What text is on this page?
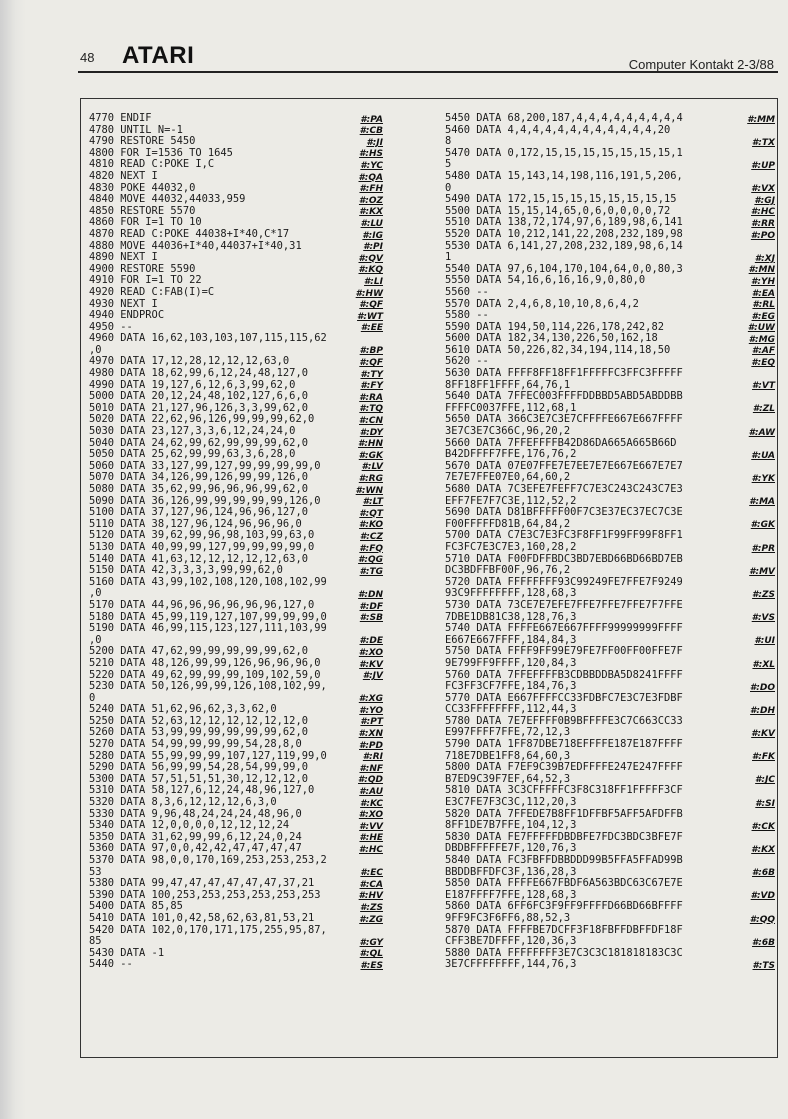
48 ATARI	Computer Kontakt 2-3/88
4770 ENDIF	#:PA
4780 UNTIL N=-1	#:CB
4790 RESTORE 5450	#:JI
4800 FOR I=1536 TO 1645	#:HS
4810 READ C:POKE I,C	#:YC
4820 NEXT I	#:QA
4830 POKE 44032,0	#:FH
4840 MOVE 44032,44033,959	#:OZ
4850 RESTORE 5570	#:KX
4860 FOR I=1 TO 10	#:LU
4870 READ C:POKE 44038+I*40,C*17	#:IG
4880 MOVE 44036+I*40,44037+I*40,31	#:PI
4890 NEXT I	#:QV
4900 RESTORE 5590	#:KQ
4910 FOR I=1 TO 22	#:LI
4920 READ C:FAB(I)=C	#:HW
4930 NEXT I	#:QF
4940 ENDPROC	#:WT
4950 --	#:EE
4960 DATA 16,62,103,103,107,115,115,62
,0	#:BP
4970 DATA 17,12,28,12,12,12,63,0	#:QF
4980 DATA 18,62,99,6,12,24,48,127,0	#:TY
4990 DATA 19,127,6,12,6,3,99,62,0	#:FY
5000 DATA 20,12,24,48,102,127,6,6,0	#:RA
5010 DATA 21,127,96,126,3,3,99,62,0	#:TQ
5020 DATA 22,62,96,126,99,99,99,62,0	#:CN
5030 DATA 23,127,3,3,6,12,24,24,0	#:DY
5040 DATA 24,62,99,62,99,99,99,62,0	#:HN
5050 DATA 25,62,99,99,63,3,6,28,0	#:GK
5060 DATA 33,127,99,127,99,99,99,99,0	#:LV
5070 DATA 34,126,99,126,99,99,126,0	#:RG
5080 DATA 35,62,99,96,96,96,99,62,0	#:WN
5090 DATA 36,126,99,99,99,99,99,126,0	#:LT
5100 DATA 37,127,96,124,96,96,127,0	#:QT
5110 DATA 38,127,96,124,96,96,96,0	#:KO
5120 DATA 39,62,99,96,98,103,99,63,0	#:CZ
5130 DATA 40,99,99,127,99,99,99,99,0	#:FQ
5140 DATA 41,63,12,12,12,12,12,63,0	#:QG
5150 DATA 42,3,3,3,3,99,99,62,0	#:TG
5160 DATA 43,99,102,108,120,108,102,99
,0	#:DN
5170 DATA 44,96,96,96,96,96,96,127,0	#:DF
5180 DATA 45,99,119,127,107,99,99,99,0	#:SB
5190 DATA 46,99,115,123,127,111,103,99
,0	#:DE
5200 DATA 47,62,99,99,99,99,99,62,0	#:XO
5210 DATA 48,126,99,99,126,96,96,96,0	#:KV
5220 DATA 49,62,99,99,99,109,102,59,0	#:JV
5230 DATA 50,126,99,99,126,108,102,99,
0	#:XG
5240 DATA 51,62,96,62,3,3,62,0	#:YO
5250 DATA 52,63,12,12,12,12,12,12,0	#:PT
5260 DATA 53,99,99,99,99,99,99,62,0	#:XN
5270 DATA 54,99,99,99,99,54,28,8,0	#:PD
5280 DATA 55,99,99,99,107,127,119,99,0	#:RI
5290 DATA 56,99,99,54,28,54,99,99,0	#:NF
5300 DATA 57,51,51,51,30,12,12,12,0	#:QD
5310 DATA 58,127,6,12,24,48,96,127,0	#:AU
5320 DATA 8,3,6,12,12,12,6,3,0	#:KC
5330 DATA 9,96,48,24,24,24,48,96,0	#:XO
5340 DATA 12,0,0,0,0,12,12,12,24	#:VV
5350 DATA 31,62,99,99,6,12,24,0,24	#:HE
5360 DATA 97,0,0,42,42,47,47,47,47	#:HC
5370 DATA 98,0,0,170,169,253,253,253,2
53	#:EC
5380 DATA 99,47,47,47,47,47,47,37,21	#:CA
5390 DATA 100,253,253,253,253,253,253	#:HV
5400 DATA 85,85	#:ZS
5410 DATA 101,0,42,58,62,63,81,53,21	#:ZG
5420 DATA 102,0,170,171,175,255,95,87,
85	#:GY
5430 DATA -1	#:QL
5440 --	#:ES
5450 DATA 68,200,187,4,4,4,4,4,4,4,4,4	#:MM
5460 DATA 4,4,4,4,4,4,4,4,4,4,4,4,20
8	#:TX
5470 DATA 0,172,15,15,15,15,15,15,15,1
5	#:UP
5480 DATA 15,143,14,198,116,191,5,206,
0	#:VX
5490 DATA 172,15,15,15,15,15,15,15,15	#:GJ
5500 DATA 15,15,14,65,0,6,0,0,0,0,72	#:HC
5510 DATA 138,72,174,97,6,189,98,6,141	#:RR
5520 DATA 10,212,141,22,208,232,189,98	#:PO
5530 DATA 6,141,27,208,232,189,98,6,14
1	#:XJ
5540 DATA 97,6,104,170,104,64,0,0,80,3	#:MN
5550 DATA 54,16,6,16,16,9,0,80,0	#:YH
5560 --	#:EA
5570 DATA 2,4,6,8,10,10,8,6,4,2	#:RL
5580 --	#:EG
5590 DATA 194,50,114,226,178,242,82	#:UW
5600 DATA 182,34,130,226,50,162,18	#:MG
5610 DATA 50,226,82,34,194,114,18,50	#:AF
5620 --	#:EQ
5630 DATA FFFF8FF18FF1FFFFFC3FFC3FFFFF
8FF18FF1FFFF,64,76,1	#:VT
5640 DATA 7FFEC003FFFFDDBBD5ABD5ABDDBB
FFFFC0037FFE,112,68,1	#:ZL
5650 DATA 366C3E7C3E7CFFFFE667E667FFFF
3E7C3E7C366C,96,20,2	#:AW
5660 DATA 7FFEFFFFB42D86DA665A665B66D
B42DFFFF7FFE,176,76,2	#:UA
5670 DATA 07E07FFE7E7EE7E7E667E667E7E7
7E7E7FFE07E0,64,60,2	#:YK
5680 DATA 7C3EFE7FEFF7C7E3C243C243C7E3
EFF7FE7F7C3E,112,52,2	#:MA
5690 DATA D81BFFFFF00F7C3E37EC37EC7C3E
F00FFFFFD81B,64,84,2	#:GK
5700 DATA C7E3C7E3FC3F8FF1F99FF99F8FF1
FC3FC7E3C7E3,160,28,2	#:PR
5710 DATA F00FDFFBDC3BD7EBD66BD66BD7EB
DC3BDFFBF00F,96,76,2	#:MV
5720 DATA FFFFFFFF93C99249FE7FFE7F9249
93C9FFFFFFFF,128,68,3	#:ZS
5730 DATA 73CE7E7EFE7FFE7FFE7FFE7F7FFE
7DBE1DB81C38,128,76,3	#:VS
5740 DATA FFFFE667E667FFFF99999999FFFF
E667E667FFFF,184,84,3	#:UI
5750 DATA FFFF9FF99E79FE7FF00FF00FFE7F
9E799FF9FFFF,120,84,3	#:XL
5760 DATA 7FFEFFFFB3CDBBDDBA5D8241FFFF
FC3FF3CF7FFE,184,76,3	#:DO
5770 DATA E667FFFFCC33FDBFC7E3C7E3FDBF
CC33FFFFFFFF,112,44,3	#:DH
5780 DATA 7E7EFFFF0B9BFFFFE3C7C663CC33
E997FFFF7FFE,72,12,3	#:KV
5790 DATA 1FF87DBE718EFFFFE187E187FFFF
718E7DBE1FF8,64,60,3	#:FK
5800 DATA F7EF9C39B7EDFFFFE247E247FFFF
B7ED9C39F7EF,64,52,3	#:JC
5810 DATA 3C3CFFFFFC3F8C318FF1FFFFF3CF
E3C7FE7F3C3C,112,20,3	#:SI
5820 DATA 7FFEDE7B8FF1DFFBF5AFF5AFDFFB
8FF1DE7B7FFE,104,12,3	#:CK
5830 DATA FE7FFFFFDBDBFE7FDC3BDC3BFE7F
DBDBFFFFFE7F,120,76,3	#:KX
5840 DATA FC3FBFFDBBDDD99B5FFA5FFAD99B
BBDDBFFDFC3F,136,28,3	#:6B
5850 DATA FFFFE667FBDF6A563BDC63C67E7E
E187FFFF7FFE,128,68,3	#:VD
5860 DATA 6FF6FC3F9FF9FFFFD66BD66BFFFF
9FF9FC3F6FF6,88,52,3	#:QQ
5870 DATA FFFFBE7DCFF3F18FBFFDBFFDF18F
CFF3BE7DFFFF,120,36,3	#:6B
5880 DATA FFFFFFFF3E7C3C3C181818183C3C
3E7CFFFFFFFF,144,76,3	#:TS
